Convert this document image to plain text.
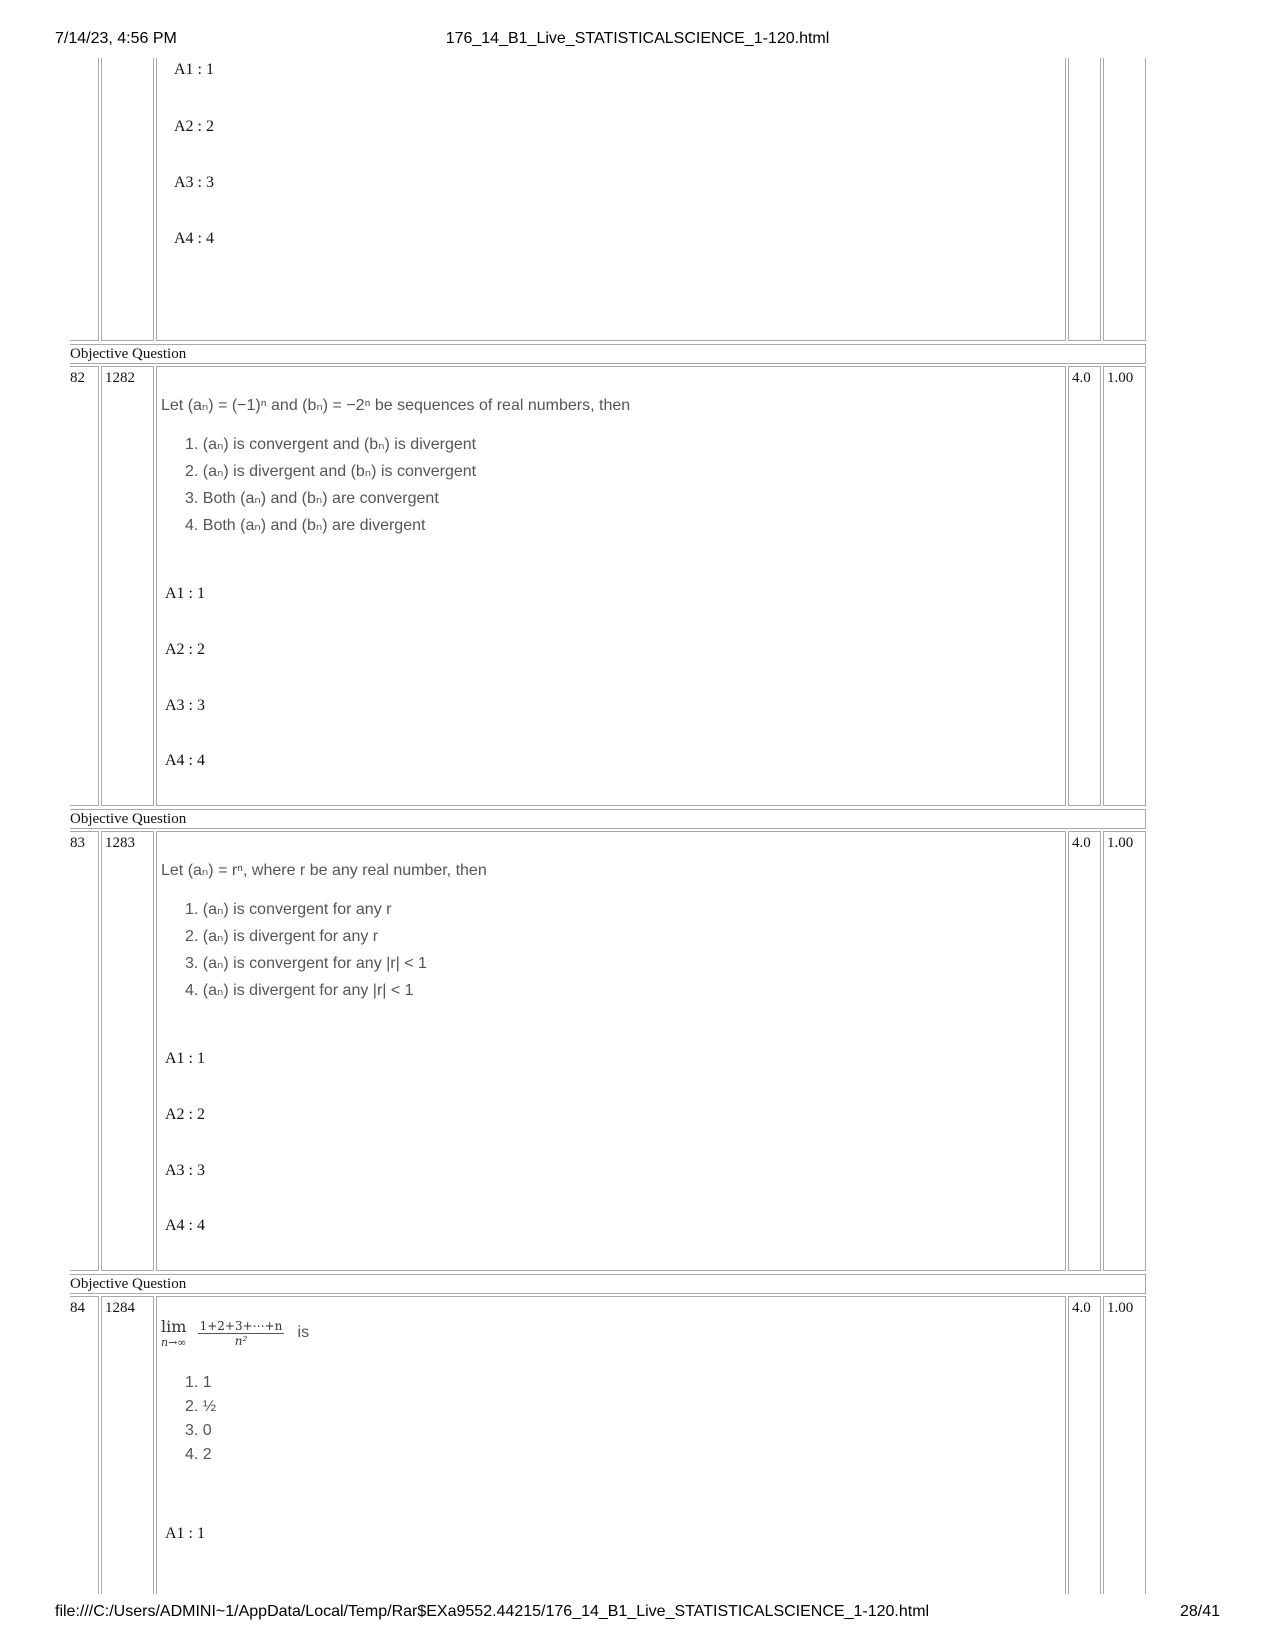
7/14/23, 4:56 PM	176_14_B1_Live_STATISTICALSCIENCE_1-120.html
A1 : 1
A2 : 2
A3 : 3
A4 : 4
Objective Question
82 1282
Let (aₙ) = (−1)ⁿ and (bₙ) = −2ⁿ be sequences of real numbers, then
1. (aₙ) is convergent and (bₙ) is divergent
2. (aₙ) is divergent and (bₙ) is convergent
3. Both (aₙ) and (bₙ) are convergent
4. Both (aₙ) and (bₙ) are divergent
A1 : 1
A2 : 2
A3 : 3
A4 : 4
4.0 1.00
Objective Question
83 1283
Let (aₙ) = rⁿ, where r be any real number, then
1. (aₙ) is convergent for any r
2. (aₙ) is divergent for any r
3. (aₙ) is convergent for any |r| < 1
4. (aₙ) is divergent for any |r| < 1
A1 : 1
A2 : 2
A3 : 3
A4 : 4
4.0 1.00
Objective Question
84 1284
lim
n→∞
$\frac{1+2+3+\cdots+n}{\text{n²}}$ is
1. 1
2. ½
3. 0
4. 2
A1 : 1
4.0 1.00
file:///C:/Users/ADMINI~1/AppData/Local/Temp/Rar$EXa9552.44215/176_14_B1_Live_STATISTICALSCIENCE_1-120.html	28/41
